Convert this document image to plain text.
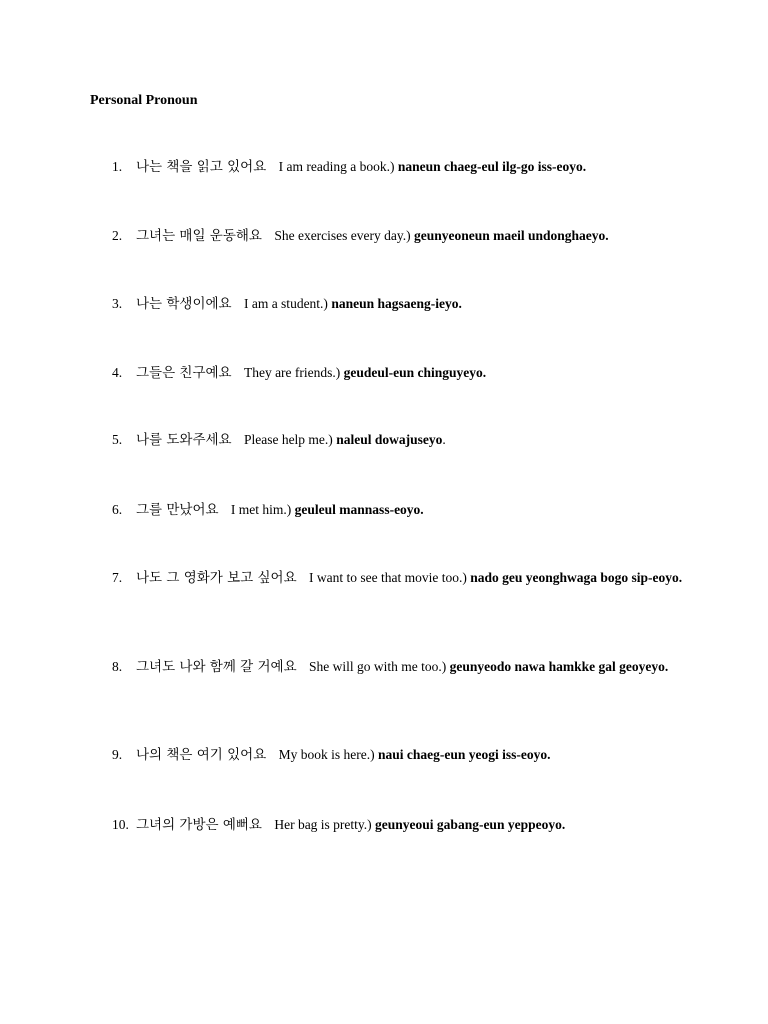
Personal Pronoun
1.	나는 책을 읽고 있어요 I am reading a book.) naneun chaeg-eul ilg-go iss-eoyo.
2.	그녀는 매일 운동해요 She exercises every day.) geunyeoneun maeil undonghaeyo.
3.	나는 학생이에요 I am a student.) naneun hagsaeng-ieyo.
4.	그들은 친구예요 They are friends.) geudeul-eun chinguyeyo.
5.	나를 도와주세요 Please help me.) naleul dowajuseyo.
6.	그를 만났어요 I met him.) geuleul mannass-eoyo.
7.	나도 그 영화가 보고 싶어요 I want to see that movie too.) nado geu yeonghwaga bogo sip-eoyo.
8.	그녀도 나와 함께 갈 거예요 She will go with me too.) geunyeodo nawa hamkke gal geoyeyo.
9.	나의 책은 여기 있어요 My book is here.) naui chaeg-eun yeogi iss-eoyo.
10. 그녀의 가방은 예뻐요 Her bag is pretty.) geunyeoui gabang-eun yeppeoyo.
